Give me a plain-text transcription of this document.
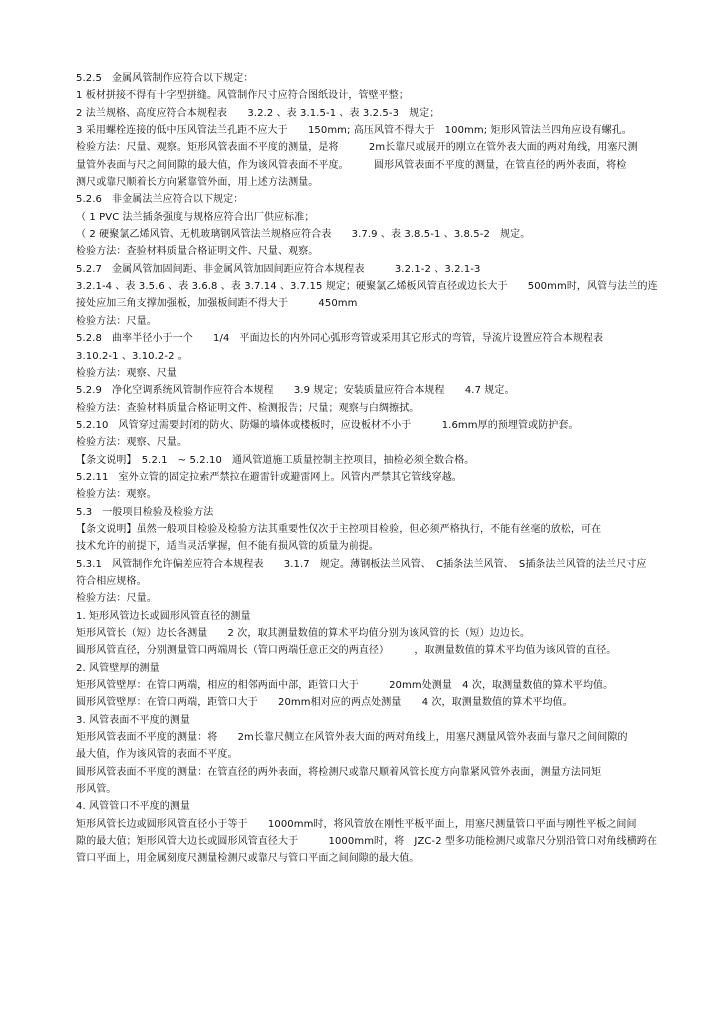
5.2.5　金属风管制作应符合以下规定：
1 板材拼接不得有十字型拼缝。风管制作尺寸应符合图纸设计，管壁平整；
2 法兰规格、高度应符合本规程表　　3.2.2 、表 3.1.5-1 、表 3.2.5-3　规定；
3 采用螺栓连接的低中压风管法兰孔距不应大于　　150mm; 高压风管不得大于　100mm; 矩形风管法兰四角应设有螺孔。
检验方法：尺量、观察。矩形风管表面不平度的测量，是将　　　2m长靠尺或展开的刚立在管外表大面的两对角线，用塞尺测
量管外表面与尺之间间隙的最大值，作为该风管表面不平度。　　　圆形风管表面不平度的测量，在管直径的两外表面，将检
测尺或靠尺顺着长方向紧靠管外面，用上述方法测量。
5.2.6　非金属法兰应符合以下规定：
（ 1 PVC 法兰插条强度与规格应符合出厂供应标准；
（ 2 硬聚氯乙烯风管、无机玻璃钢风管法兰规格应符合表　　3.7.9 、表 3.8.5-1 、3.8.5-2　规定。
检验方法：查验材料质量合格证明文件、尺量、观察。
5.2.7　金属风管加固间距、非金属风管加固间距应符合本规程表　　　3.2.1-2 、3.2.1-3
3.2.1-4 、表 3.5.6 、表 3.6.8 、表 3.7.14 、3.7.15 规定；硬聚氯乙烯板风管直径或边长大于　　500mm时，风管与法兰的连
接处应加三角支撑加强板，加强板间距不得大于　　　450mm
检验方法：尺量。
5.2.8　曲率半径小于一个　　1/4　平面边长的内外同心弧形弯管或采用其它形式的弯管，导流片设置应符合本规程表
3.10.2-1 、3.10.2-2 。
检验方法：观察、尺量
5.2.9　净化空调系统风管制作应符合本规程　　3.9 规定；安装质量应符合本规程　　4.7 规定。
检验方法：查验材料质量合格证明文件、检测报告；尺量；观察与白绸擦拭。
5.2.10　风管穿过需要封闭的防火、防爆的墙体或楼板时，应设板材不小于　　　1.6mm厚的预埋管或防护套。
检验方法：观察、尺量。
【条文说明】　5.2.1　~ 5.2.10　通风管道施工质量控制主控项目，抽检必须全数合格。
5.2.11　室外立管的固定拉索严禁拉在避雷针或避雷网上。风管内严禁其它管线穿越。
检验方法：观察。
5.3　一般项目检验及检验方法
【条文说明】虽然一般项目检验及检验方法其重要性仅次于主控项目检验，但必须严格执行，不能有丝毫的放松，可在
技术允许的前提下，适当灵活掌握，但不能有损风管的质量为前提。
5.3.1　风管制作允许偏差应符合本规程表　　3.1.7　规定。薄钢板法兰风管、　C插条法兰风管、　S插条法兰风管的法兰尺寸应
符合相应规格。
检验方法：尺量。
1. 矩形风管边长或圆形风管直径的测量
矩形风管长（短）边长各测量　　2 次，取其测量数值的算术平均值分别为该风管的长（短）边边长。
圆形风管直径，分别测量管口两端周长（管口两端任意正交的两直径）　　　，取测量数值的算术平均值为该风管的直径。
2. 风管壁厚的测量
矩形风管壁厚：在管口两端，相应的相邻两面中部，距管口大于　　　20mm处测量　4 次，取测量数值的算术平均值。
圆形风管壁厚：在管口两端，距管口大于　　20mm相对应的两点处测量　　4 次，取测量数值的算术平均值。
3. 风管表面不平度的测量
矩形风管表面不平度的测量：将　　2m长靠尺侧立在风管外表大面的两对角线上，用塞尺测量风管外表面与靠尺之间间隙的
最大值，作为该风管的表面不平度。
圆形风管表面不平度的测量：在管直径的两外表面，将检测尺或靠尺顺着风管长度方向靠紧风管外表面，测量方法同矩
形风管。
4. 风管管口不平度的测量
矩形风管长边或圆形风管直径小于等于　　1000mm时，将风管放在刚性平板平面上，用塞尺测量管口平面与刚性平板之间间
隙的最大值；矩形风管大边长或圆形风管直径大于　　　1000mm时，将　JZC-2 型多功能检测尺或靠尺分别沿管口对角线横跨在
管口平面上，用金属刻度尺测量检测尺或靠尺与管口平面之间间隙的最大值。
